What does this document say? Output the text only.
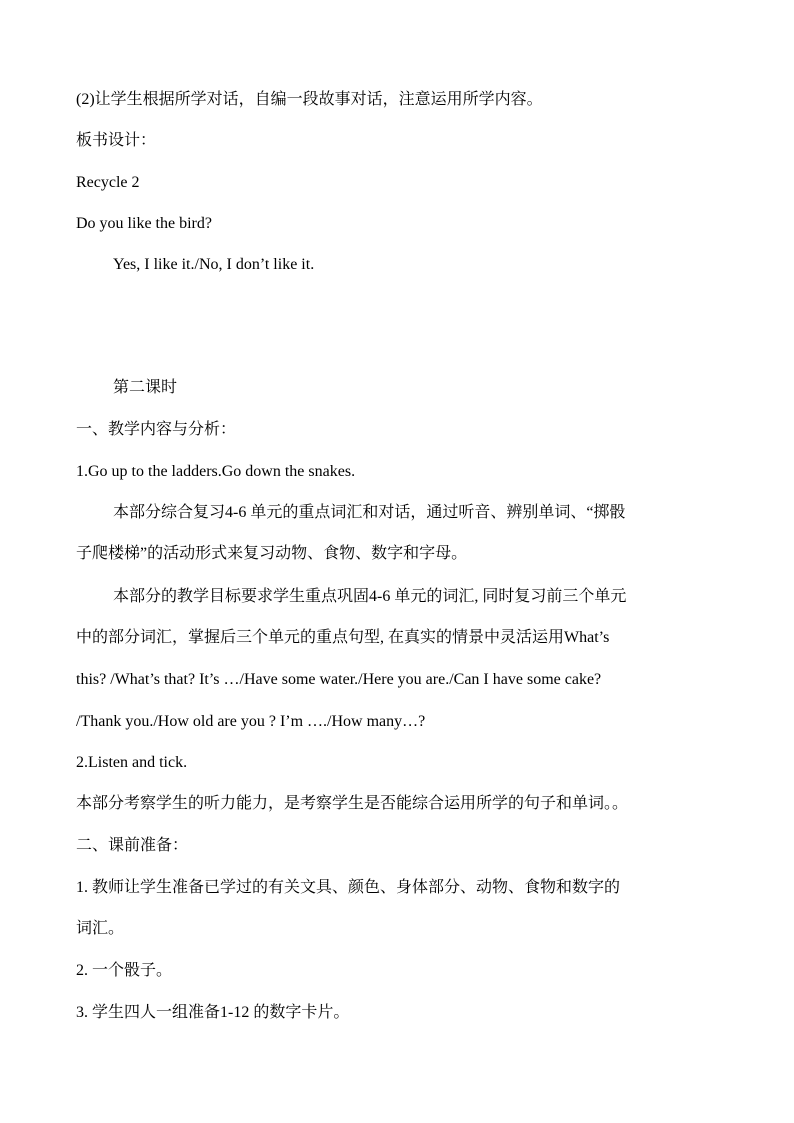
(2)让学生根据所学对话，自编一段故事对话，注意运用所学内容。
板书设计：
Recycle 2
Do you like the bird?
Yes, I like it./No, I don’t like it.
第二课时
一、教学内容与分析：
1.Go up to the ladders.Go down the snakes.
本部分综合复习4-6 单元的重点词汇和对话，通过听音、辨别单词、“掷骰
子爬楼梯”的活动形式来复习动物、食物、数字和字母。
本部分的教学目标要求学生重点巩固4-6 单元的词汇, 同时复习前三个单元
中的部分词汇，掌握后三个单元的重点句型, 在真实的情景中灵活运用What’s
this? /What’s that? It’s …/Have some water./Here you are./Can I have some cake?
/Thank you./How old are you ? I’m …./How many…?
2.Listen and tick.
本部分考察学生的听力能力，是考察学生是否能综合运用所学的句子和单词。。
二、课前准备：
1. 教师让学生准备已学过的有关文具、颜色、身体部分、动物、食物和数字的
词汇。
2. 一个骰子。
3. 学生四人一组准备1-12 的数字卡片。
